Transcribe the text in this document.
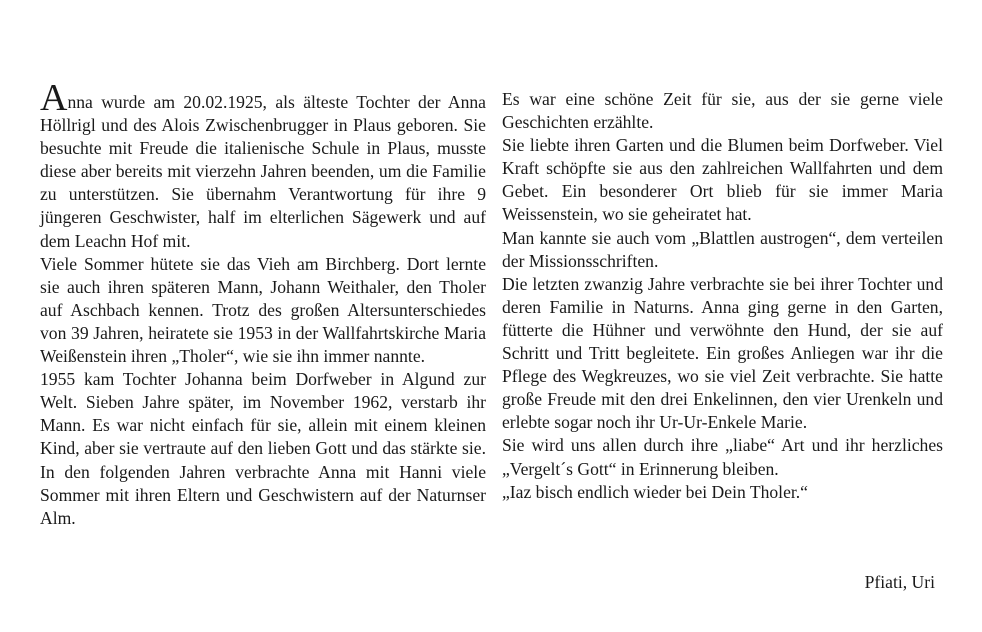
Anna wurde am 20.02.1925, als älteste Tochter der Anna Höllrigl und des Alois Zwischenbrugger in Plaus geboren. Sie besuchte mit Freude die italienische Schule in Plaus, musste diese aber bereits mit vierzehn Jahren beenden, um die Familie zu unterstützen. Sie übernahm Verantwortung für ihre 9 jüngeren Geschwister, half im elterlichen Sägewerk und auf dem Leachn Hof mit.

Viele Sommer hütete sie das Vieh am Birchberg. Dort lernte sie auch ihren späteren Mann, Johann Weithaler, den Tholer auf Aschbach kennen. Trotz des großen Altersunterschiedes von 39 Jahren, heiratete sie 1953 in der Wallfahrtskirche Maria Weißenstein ihren „Tholer“, wie sie ihn immer nannte.

1955 kam Tochter Johanna beim Dorfweber in Algund zur Welt. Sieben Jahre später, im November 1962, verstarb ihr Mann. Es war nicht einfach für sie, allein mit einem kleinen Kind, aber sie vertraute auf den lieben Gott und das stärkte sie. In den folgenden Jahren verbrachte Anna mit Hanni viele Sommer mit ihren Eltern und Geschwistern auf der Naturnser Alm.

Es war eine schöne Zeit für sie, aus der sie gerne viele Geschichten erzählte.

Sie liebte ihren Garten und die Blumen beim Dorfweber. Viel Kraft schöpfte sie aus den zahlreichen Wallfahrten und dem Gebet. Ein besonderer Ort blieb für sie immer Maria Weissenstein, wo sie geheiratet hat.

Man kannte sie auch vom „Blattlen austrogen“, dem verteilen der Missionsschriften.

Die letzten zwanzig Jahre verbrachte sie bei ihrer Tochter und deren Familie in Naturns. Anna ging gerne in den Garten, fütterte die Hühner und verwöhnte den Hund, der sie auf Schritt und Tritt begleitete. Ein großes Anliegen war ihr die Pflege des Wegkreuzes, wo sie viel Zeit verbrachte. Sie hatte große Freude mit den drei Enkelinnen, den vier Urenkeln und erlebte sogar noch ihr Ur-Ur-Enkele Marie.

Sie wird uns allen durch ihre „liabe“ Art und ihr herzliches „Vergelt´s Gott“ in Erinnerung bleiben.

„Iaz bisch endlich wieder bei Dein Tholer.“

Pfiati, Uri
